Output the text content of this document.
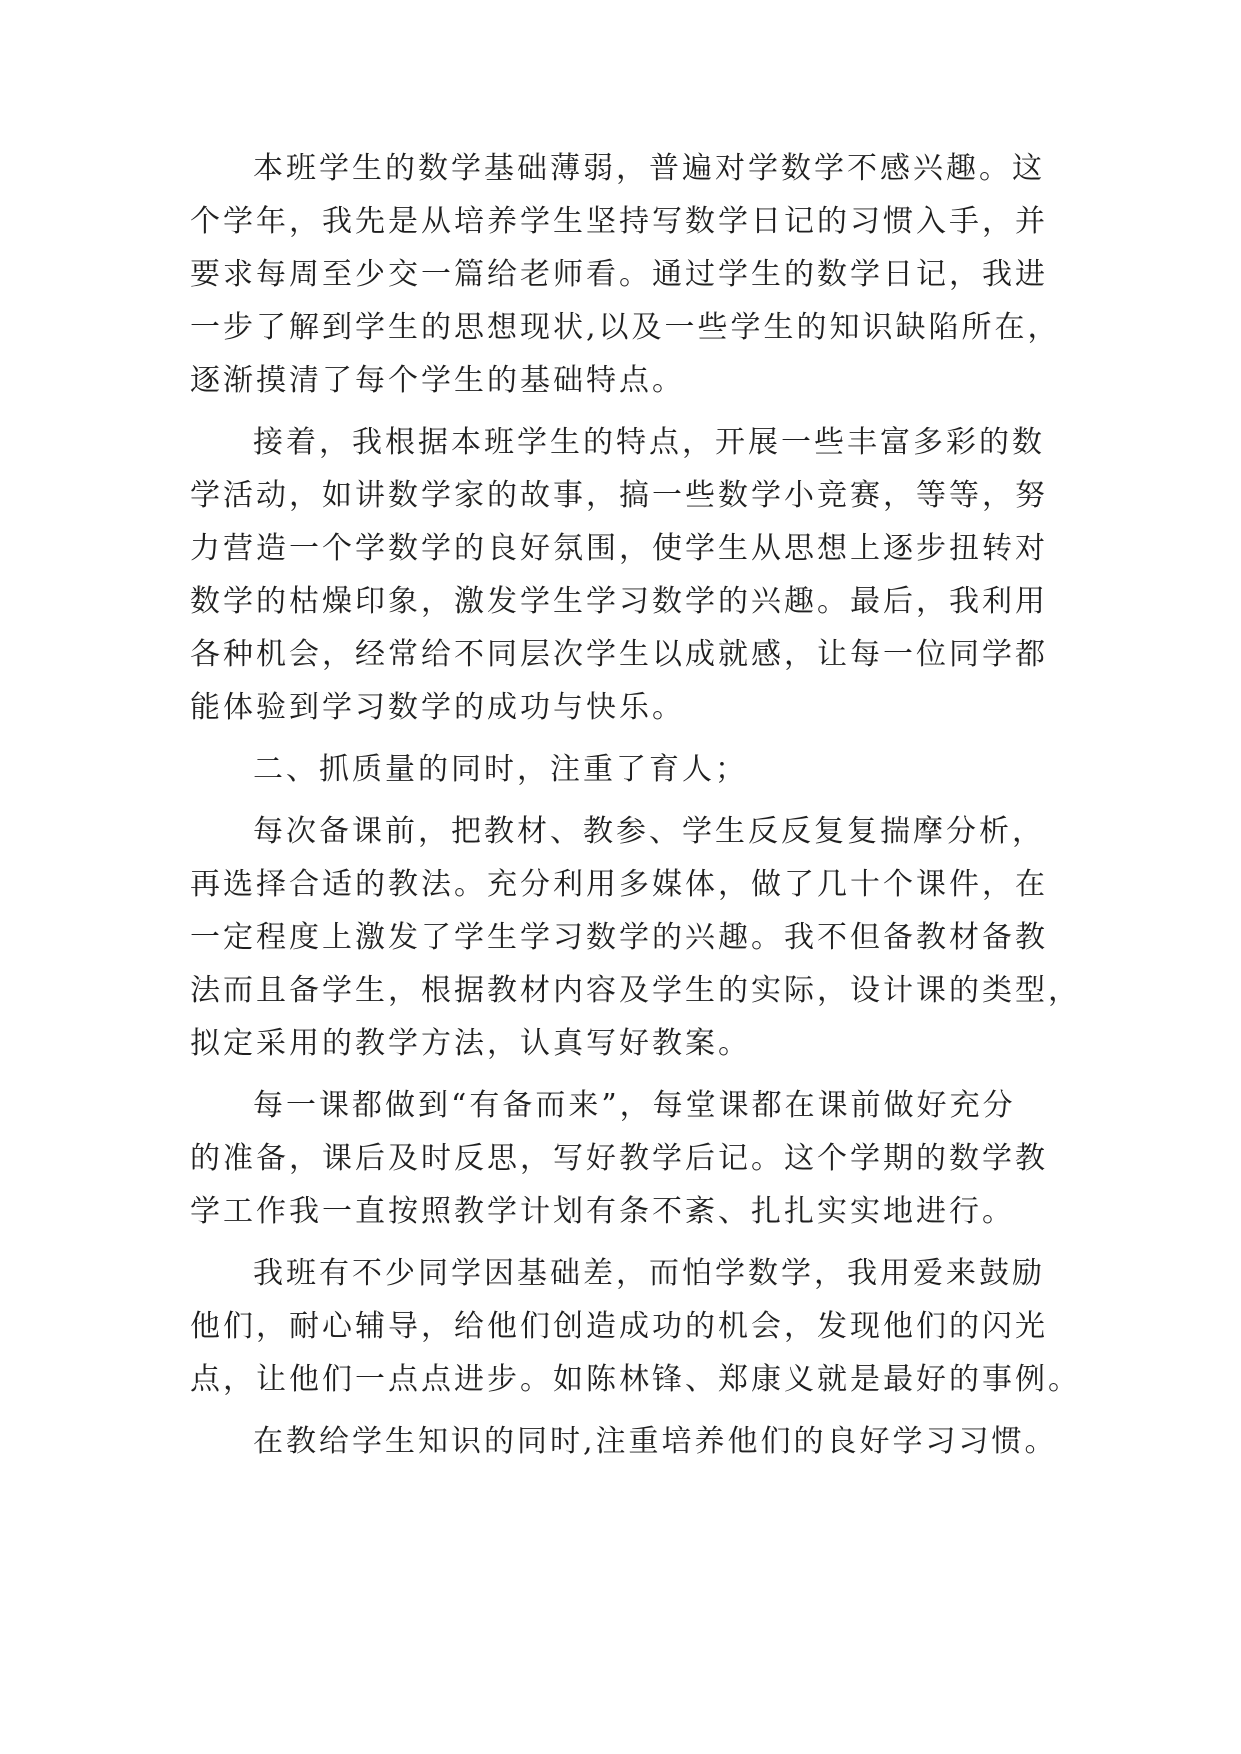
本班学生的数学基础薄弱，普遍对学数学不感兴趣。这
个学年，我先是从培养学生坚持写数学日记的习惯入手，并
要求每周至少交一篇给老师看。通过学生的数学日记，我进
一步了解到学生的思想现状,以及一些学生的知识缺陷所在，
逐渐摸清了每个学生的基础特点。
接着，我根据本班学生的特点，开展一些丰富多彩的数
学活动，如讲数学家的故事，搞一些数学小竞赛，等等，努
力营造一个学数学的良好氛围，使学生从思想上逐步扭转对
数学的枯燥印象，激发学生学习数学的兴趣。最后，我利用
各种机会，经常给不同层次学生以成就感，让每一位同学都
能体验到学习数学的成功与快乐。
二、抓质量的同时，注重了育人；
每次备课前，把教材、教参、学生反反复复揣摩分析，
再选择合适的教法。充分利用多媒体，做了几十个课件，在
一定程度上激发了学生学习数学的兴趣。我不但备教材备教
法而且备学生，根据教材内容及学生的实际，设计课的类型，
拟定采用的教学方法，认真写好教案。
每一课都做到“有备而来”，每堂课都在课前做好充分
的准备，课后及时反思，写好教学后记。这个学期的数学教
学工作我一直按照教学计划有条不紊、扎扎实实地进行。
我班有不少同学因基础差，而怕学数学，我用爱来鼓励
他们，耐心辅导，给他们创造成功的机会，发现他们的闪光
点，让他们一点点进步。如陈林锋、郑康义就是最好的事例。
在教给学生知识的同时,注重培养他们的良好学习习惯。
